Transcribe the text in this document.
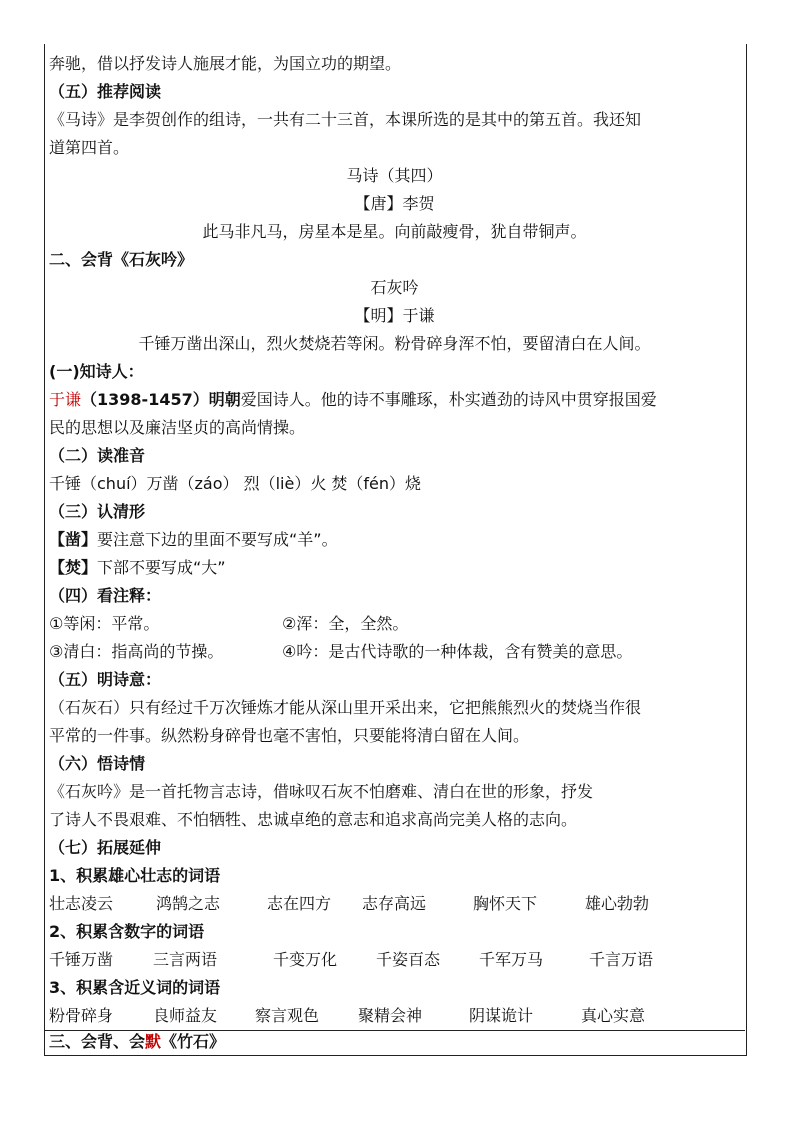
奔驰，借以抒发诗人施展才能，为国立功的期望。
（五）推荐阅读
《马诗》是李贺创作的组诗，一共有二十三首，本课所选的是其中的第五首。我还知
道第四首。
马诗（其四）
【唐】李贺
此马非凡马，房星本是星。向前敲瘦骨，犹自带铜声。
二、会背《石灰吟》
石灰吟
【明】于谦
千锤万凿出深山，烈火焚烧若等闲。粉骨碎身浑不怕，要留清白在人间。
(一)知诗人：
于谦（1398-1457）明朝爱国诗人。他的诗不事雕琢，朴实遒劲的诗风中贯穿报国爱
民的思想以及廉洁坚贞的高尚情操。
（二）读准音
千锤（chuí）万凿（záo） 烈（liè）火 焚（fén）烧
（三）认清形
【凿】要注意下边的里面不要写成“羊”。
【焚】下部不要写成“大”
（四）看注释：
①等闲：平常。	②浑：全，全然。
③清白：指高尚的节操。	④吟：是古代诗歌的一种体裁，含有赞美的意思。
（五）明诗意：
（石灰石）只有经过千万次锤炼才能从深山里开采出来，它把熊熊烈火的焚烧当作很
平常的一件事。纵然粉身碎骨也毫不害怕，只要能将清白留在人间。
（六）悟诗情
《石灰吟》是一首托物言志诗，借咏叹石灰不怕磨难、清白在世的形象，抒发
了诗人不畏艰难、不怕牺牲、忠诚卓绝的意志和追求高尚完美人格的志向。
（七）拓展延伸
1、积累雄心壮志的词语
壮志凌云	鸿鹄之志	志在四方 志存高远	胸怀天下	雄心勃勃
2、积累含数字的词语
千锤万凿 三言两语	千变万化 千姿百态 千军万马	千言万语
3、积累含近义词的词语
粉骨碎身 良师益友 察言观色 聚精会神	阴谋诡计	真心实意
三、会背、会默《竹石》
